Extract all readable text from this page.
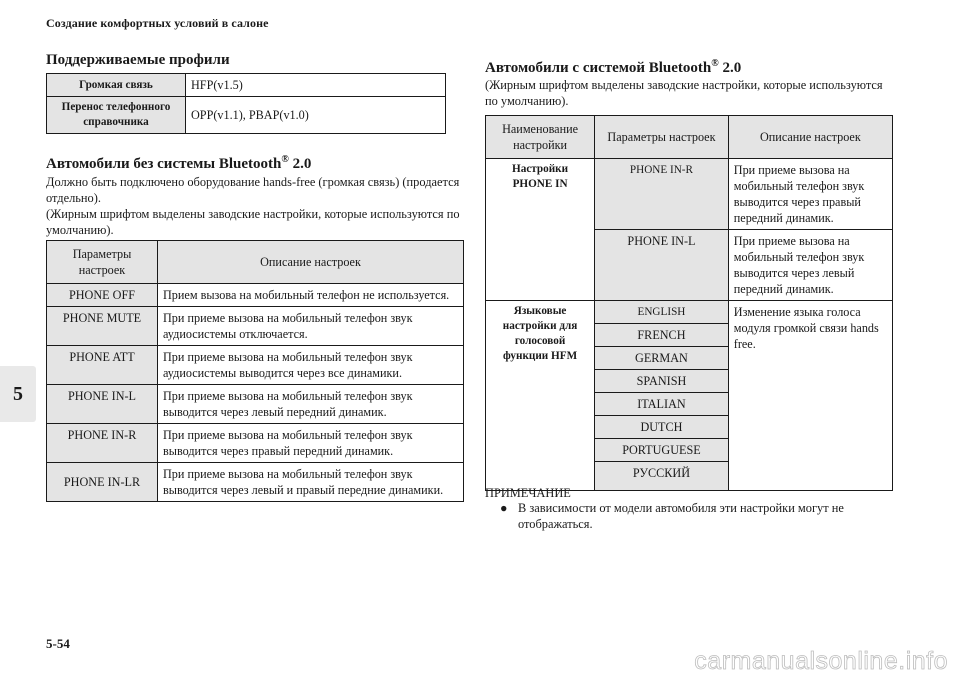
Создание комфортных условий в салоне
5
Поддерживаемые профили
Громкая связь	HFP(v1.5)
Перенос телефонного справочника	OPP(v1.1), PBAP(v1.0)
Автомобили без системы Bluetooth® 2.0

Должно быть подключено оборудование hands-free (громкая связь) (продается отдельно).

(Жирным шрифтом выделены заводские настройки, которые используются по умолчанию).

Параметры настроек	Описание настроек
PHONE OFF	Прием вызова на мобильный телефон не используется.
PHONE MUTE	При приеме вызова на мобильный телефон звук аудиосистемы отключается.
PHONE ATT	При приеме вызова на мобильный телефон звук аудиосистемы выводится через все динамики.
PHONE IN-L	При приеме вызова на мобильный телефон звук выводится через левый передний динамик.
PHONE IN-R	При приеме вызова на мобильный телефон звук выводится через правый передний динамик.
PHONE IN-LR	При приеме вызова на мобильный телефон звук выводится через левый и правый передние динамики.
Автомобили с системой Bluetooth® 2.0

(Жирным шрифтом выделены заводские настройки, которые используются по умолчанию).

Наименование настройки	Параметры настроек	Описание настроек
Настройки PHONE IN	PHONE IN-R	При приеме вызова на мобильный телефон звук выводится через правый передний динамик.
	PHONE IN-L	При приеме вызова на мобильный телефон звук выводится через левый передний динамик.
Языковые настройки для голосовой функции HFM	ENGLISH	Изменение языка голоса модуля громкой связи hands free.
	FRENCH	
	GERMAN	
	SPANISH	
	ITALIAN	
	DUTCH	
	PORTUGUESE	
	РУССКИЙ	
ПРИМЕЧАНИЕ
● В зависимости от модели автомобиля эти настройки могут не отображаться.
5-54
carmanualsonline.info
